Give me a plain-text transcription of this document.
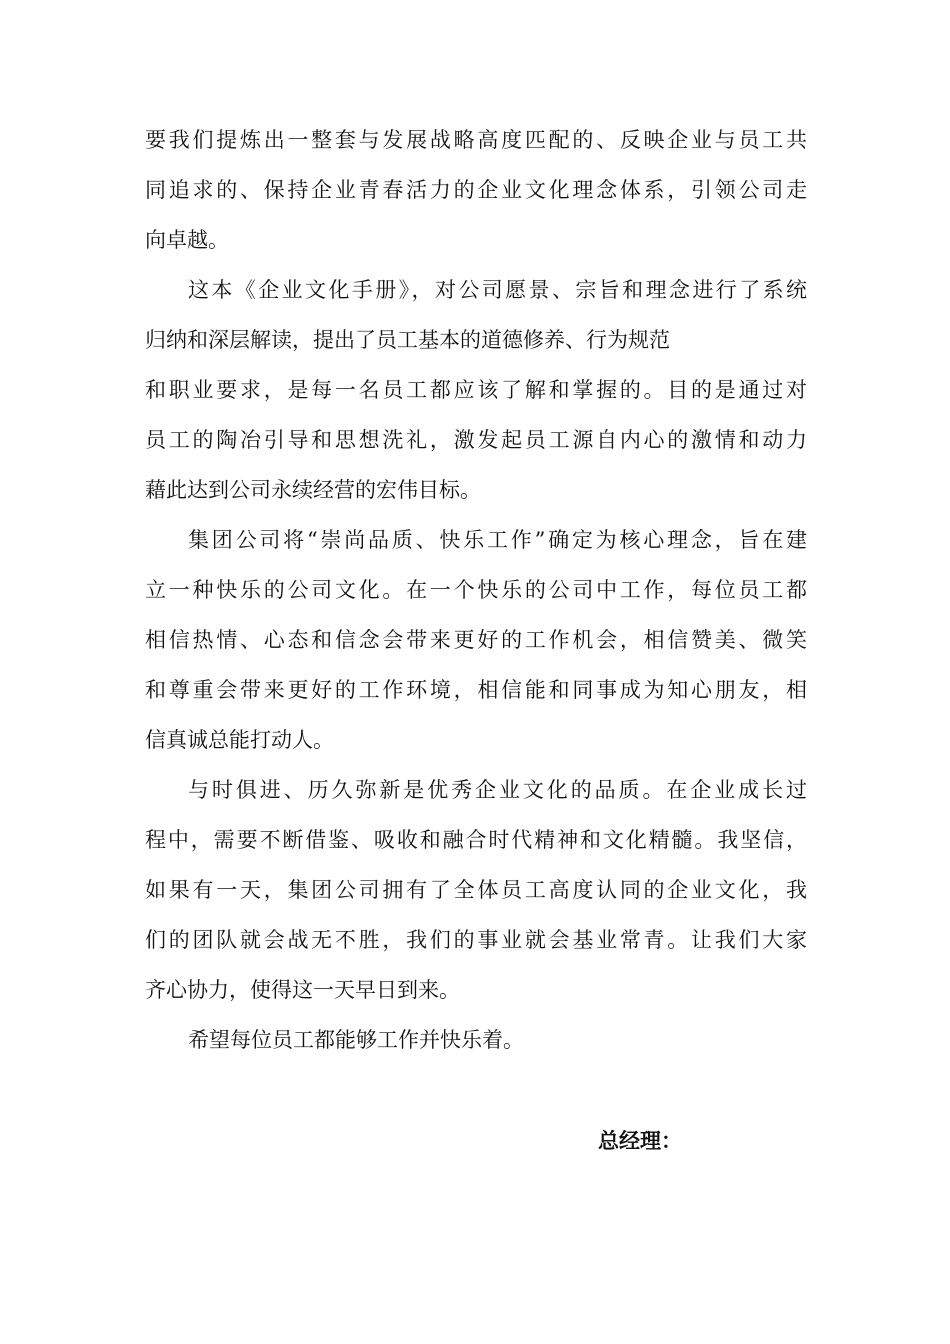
要我们提炼出一整套与发展战略高度匹配的、反映企业与员工共
同追求的、保持企业青春活力的企业文化理念体系，引领公司走
向卓越。
这本《企业文化手册》，对公司愿景、宗旨和理念进行了系统
归纳和深层解读，提出了员工基本的道德修养、行为规范
和职业要求，是每一名员工都应该了解和掌握的。目的是通过对
员工的陶冶引导和思想洗礼，激发起员工源自内心的激情和动力
藉此达到公司永续经营的宏伟目标。
集团公司将“崇尚品质、快乐工作”确定为核心理念，旨在建
立一种快乐的公司文化。在一个快乐的公司中工作，每位员工都
相信热情、心态和信念会带来更好的工作机会，相信赞美、微笑
和尊重会带来更好的工作环境，相信能和同事成为知心朋友，相
信真诚总能打动人。
与时俱进、历久弥新是优秀企业文化的品质。在企业成长过
程中，需要不断借鉴、吸收和融合时代精神和文化精髓。我坚信，
如果有一天，集团公司拥有了全体员工高度认同的企业文化，我
们的团队就会战无不胜，我们的事业就会基业常青。让我们大家
齐心协力，使得这一天早日到来。
希望每位员工都能够工作并快乐着。
总经理：
